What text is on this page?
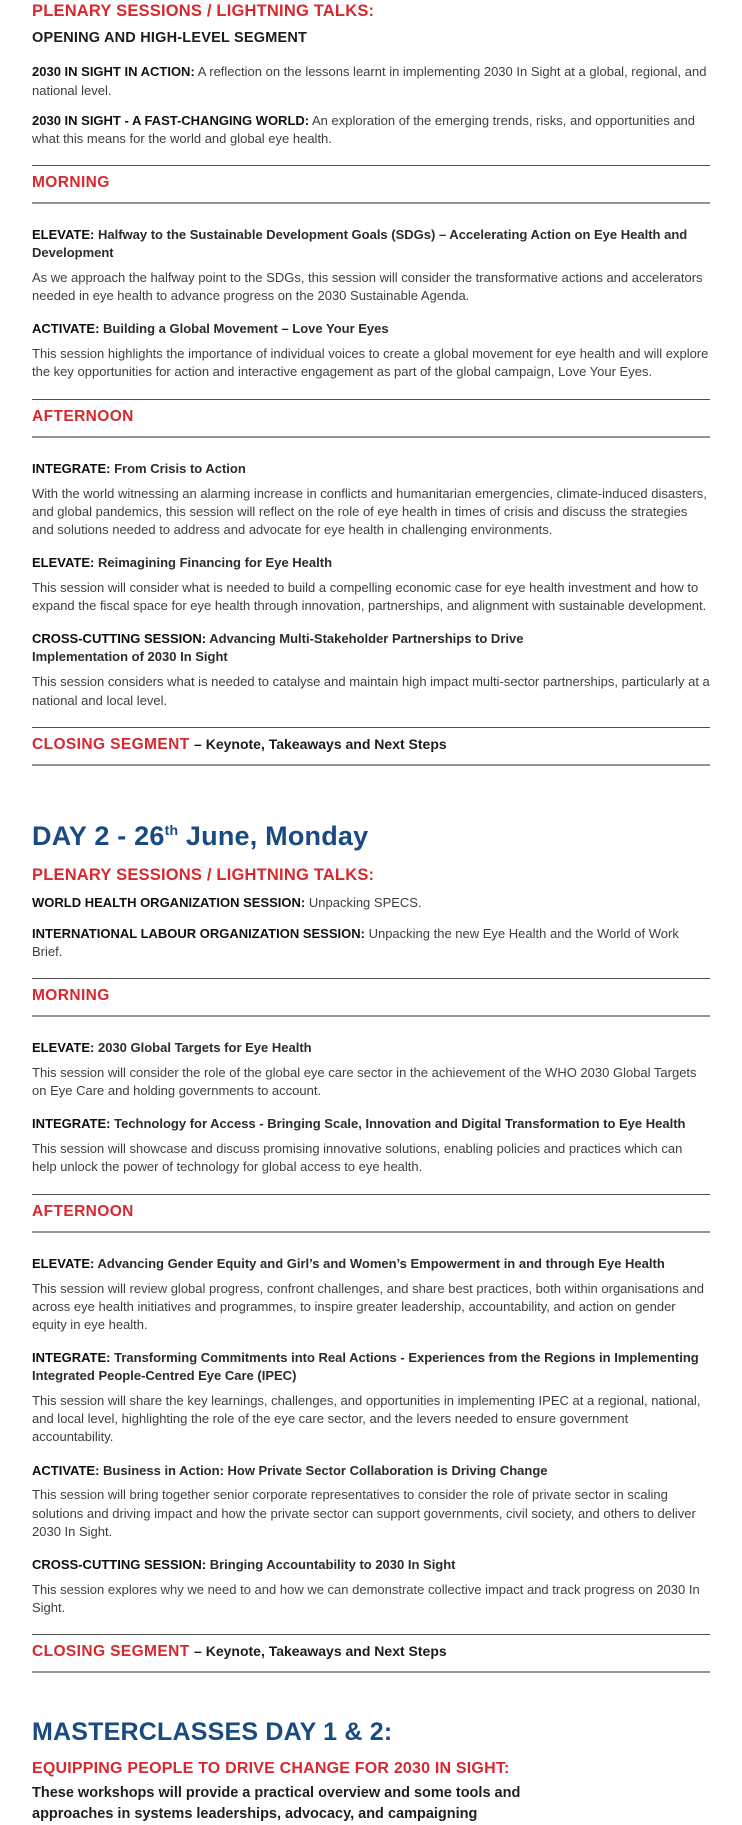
PLENARY SESSIONS / LIGHTNING TALKS:

OPENING AND HIGH-LEVEL SEGMENT

2030 IN SIGHT IN ACTION: A reflection on the lessons learnt in implementing 2030 In Sight at a global, regional, and national level.

2030 IN SIGHT - A FAST-CHANGING WORLD: An exploration of the emerging trends, risks, and opportunities and what this means for the world and global eye health.

MORNING

ELEVATE: Halfway to the Sustainable Development Goals (SDGs) – Accelerating Action on Eye Health and Development

As we approach the halfway point to the SDGs, this session will consider the transformative actions and accelerators needed in eye health to advance progress on the 2030 Sustainable Agenda.

ACTIVATE: Building a Global Movement – Love Your Eyes

This session highlights the importance of individual voices to create a global movement for eye health and will explore the key opportunities for action and interactive engagement as part of the global campaign, Love Your Eyes.

AFTERNOON

INTEGRATE: From Crisis to Action

With the world witnessing an alarming increase in conflicts and humanitarian emergencies, climate-induced disasters, and global pandemics, this session will reflect on the role of eye health in times of crisis and discuss the strategies and solutions needed to address and advocate for eye health in challenging environments.

ELEVATE: Reimagining Financing for Eye Health

This session will consider what is needed to build a compelling economic case for eye health investment and how to expand the fiscal space for eye health through innovation, partnerships, and alignment with sustainable development.

CROSS-CUTTING SESSION: Advancing Multi-Stakeholder Partnerships to Drive Implementation of 2030 In Sight

This session considers what is needed to catalyse and maintain high impact multi-sector partnerships, particularly at a national and local level.

CLOSING SEGMENT – Keynote, Takeaways and Next Steps
DAY 2 - 26th June, Monday

PLENARY SESSIONS / LIGHTNING TALKS:

WORLD HEALTH ORGANIZATION SESSION: Unpacking SPECS.

INTERNATIONAL LABOUR ORGANIZATION SESSION: Unpacking the new Eye Health and the World of Work Brief.

MORNING

ELEVATE: 2030 Global Targets for Eye Health

This session will consider the role of the global eye care sector in the achievement of the WHO 2030 Global Targets on Eye Care and holding governments to account.

INTEGRATE: Technology for Access - Bringing Scale, Innovation and Digital Transformation to Eye Health

This session will showcase and discuss promising innovative solutions, enabling policies and practices which can help unlock the power of technology for global access to eye health.

AFTERNOON

ELEVATE: Advancing Gender Equity and Girl’s and Women’s Empowerment in and through Eye Health

This session will review global progress, confront challenges, and share best practices, both within organisations and across eye health initiatives and programmes, to inspire greater leadership, accountability, and action on gender equity in eye health.

INTEGRATE: Transforming Commitments into Real Actions - Experiences from the Regions in Implementing Integrated People-Centred Eye Care (IPEC)

This session will share the key learnings, challenges, and opportunities in implementing IPEC at a regional, national, and local level, highlighting the role of the eye care sector, and the levers needed to ensure government accountability.

ACTIVATE: Business in Action: How Private Sector Collaboration is Driving Change

This session will bring together senior corporate representatives to consider the role of private sector in scaling solutions and driving impact and how the private sector can support governments, civil society, and others to deliver 2030 In Sight.

CROSS-CUTTING SESSION: Bringing Accountability to 2030 In Sight

This session explores why we need to and how we can demonstrate collective impact and track progress on 2030 In Sight.

CLOSING SEGMENT – Keynote, Takeaways and Next Steps
MASTERCLASSES DAY 1 & 2:

EQUIPPING PEOPLE TO DRIVE CHANGE FOR 2030 IN SIGHT:

These workshops will provide a practical overview and some tools and approaches in systems leaderships, advocacy, and campaigning
